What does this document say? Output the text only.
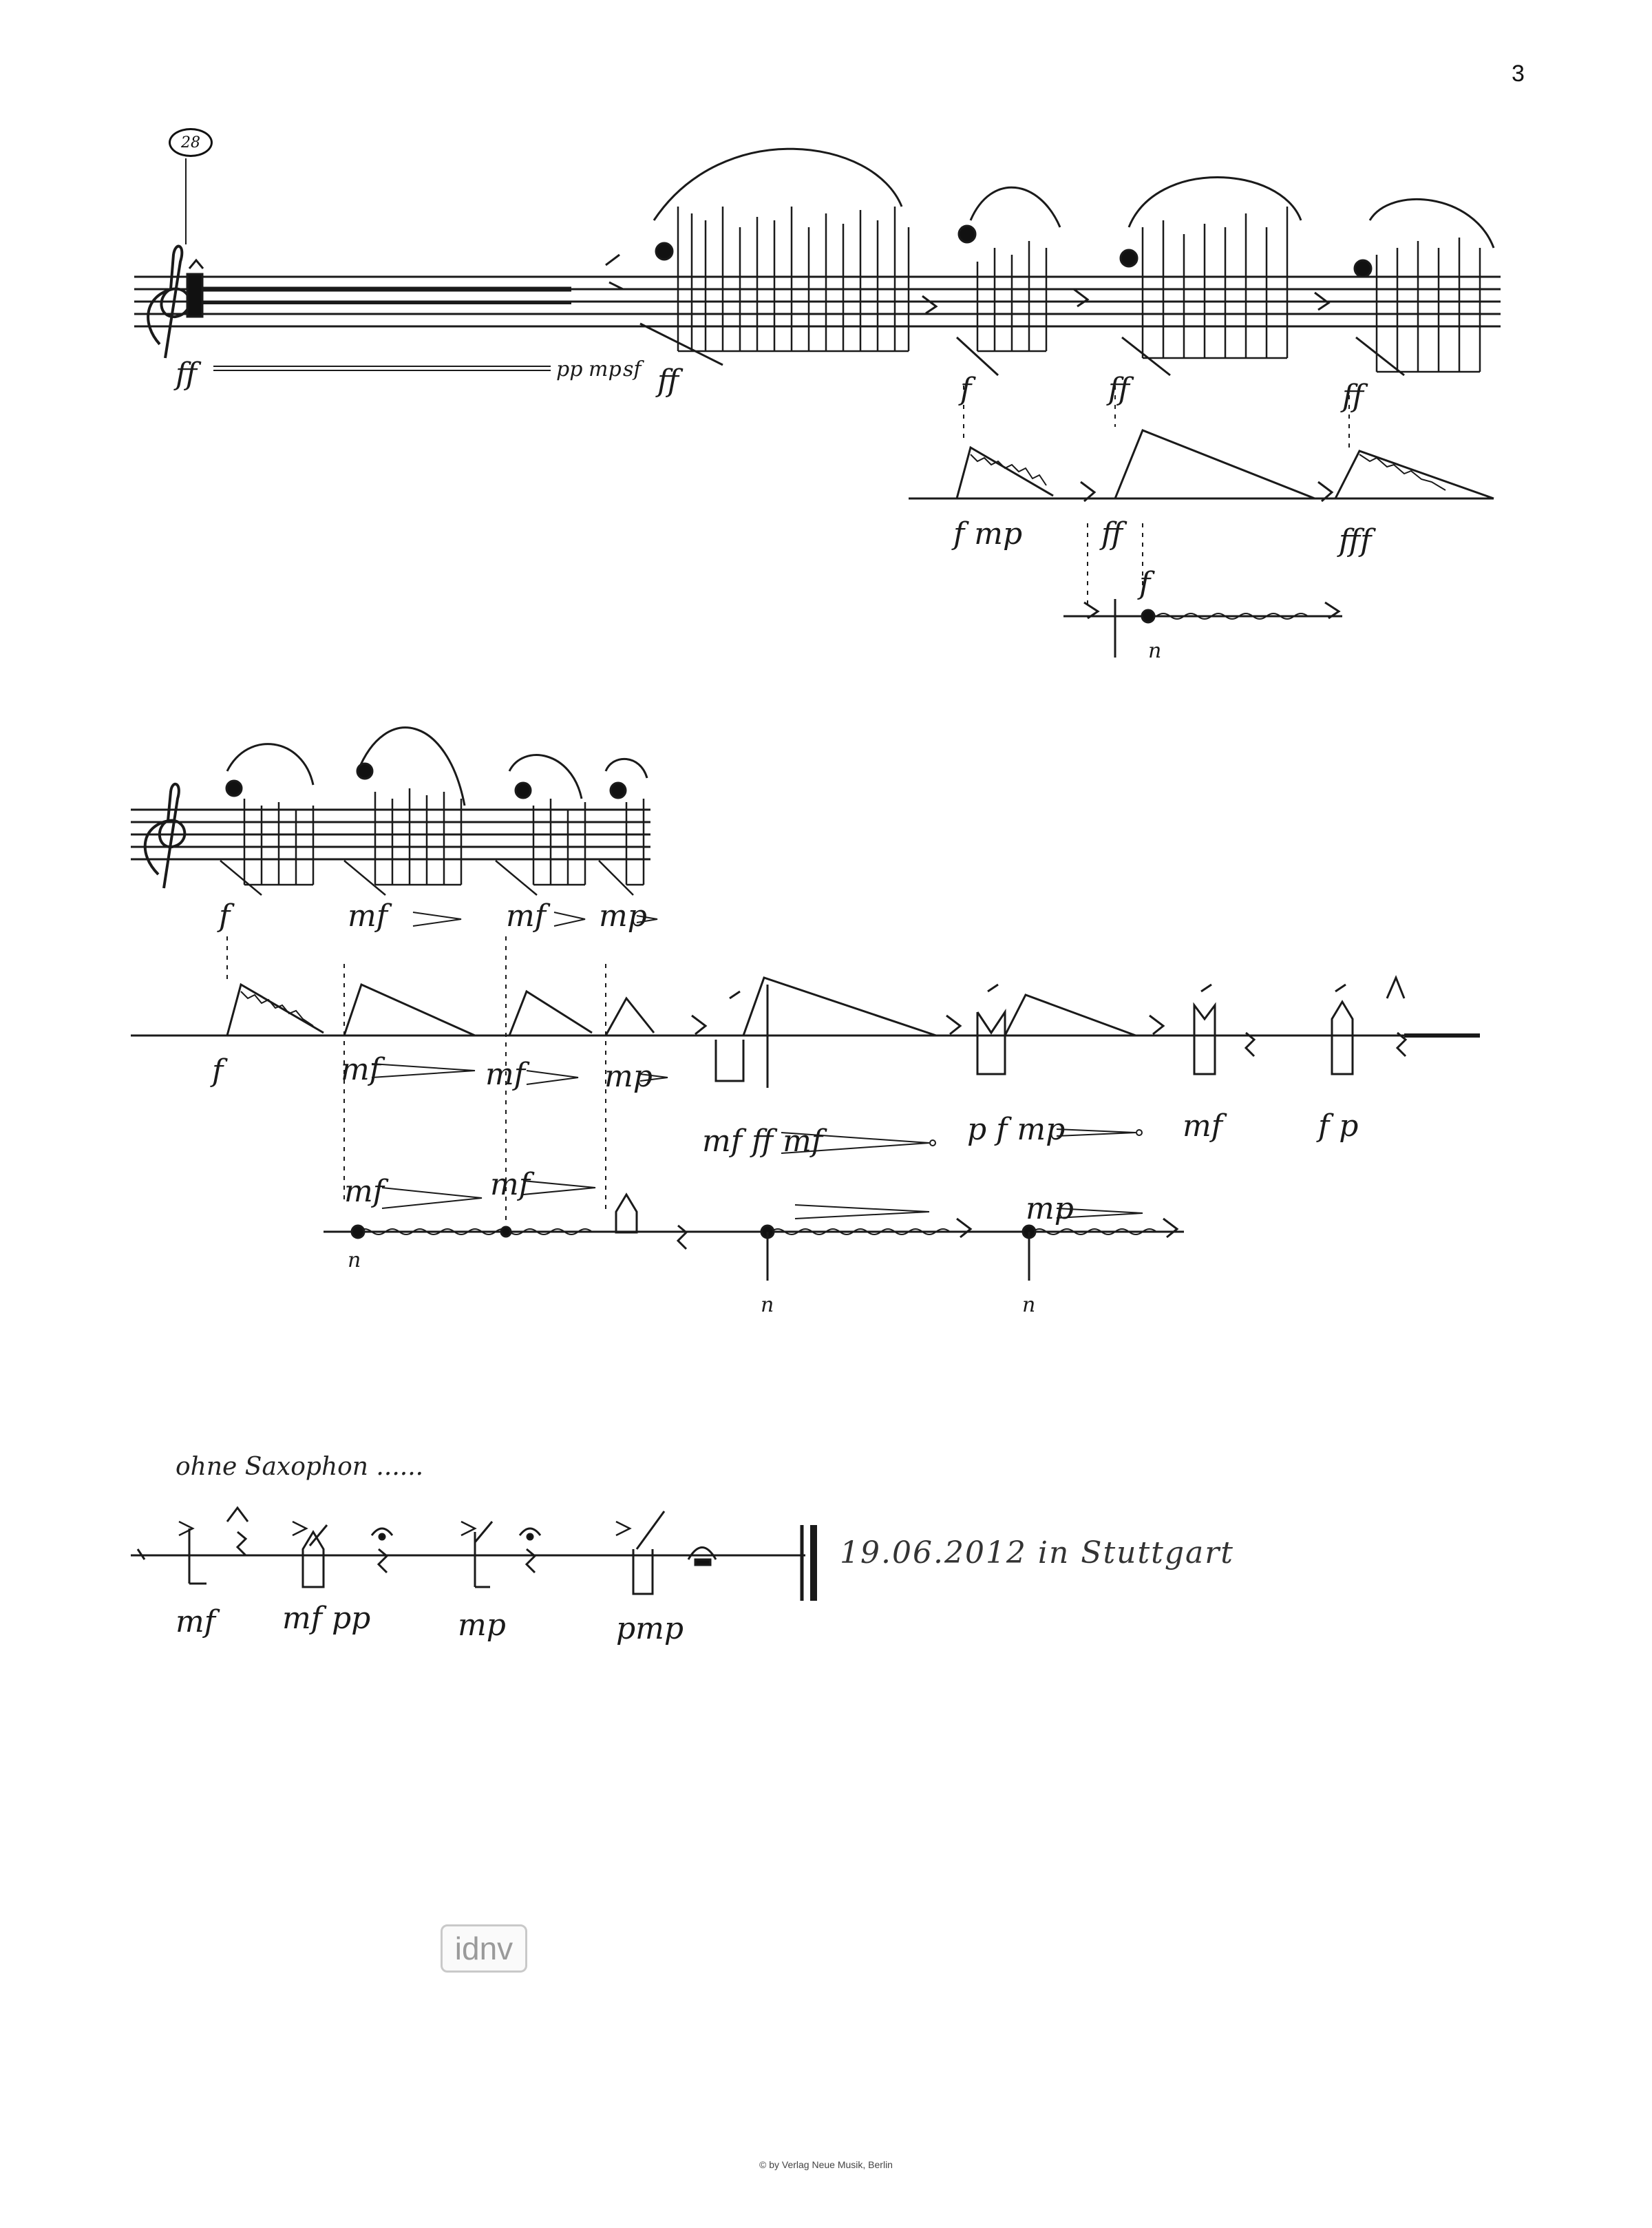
3
28
ff	pp mp sf ff	f	ff	ff
f mp	ff	fff
f
n
f	mf	mf mp
f	mf	mf	mp
mf ff mf	p f mp	mf	f p
mf	mf
mp
n
n	n
mf mf pp	mp	pmp
ohne Saxophon ......
19.06.2012 in Stuttgart
idnv
© by Verlag Neue Musik, Berlin
